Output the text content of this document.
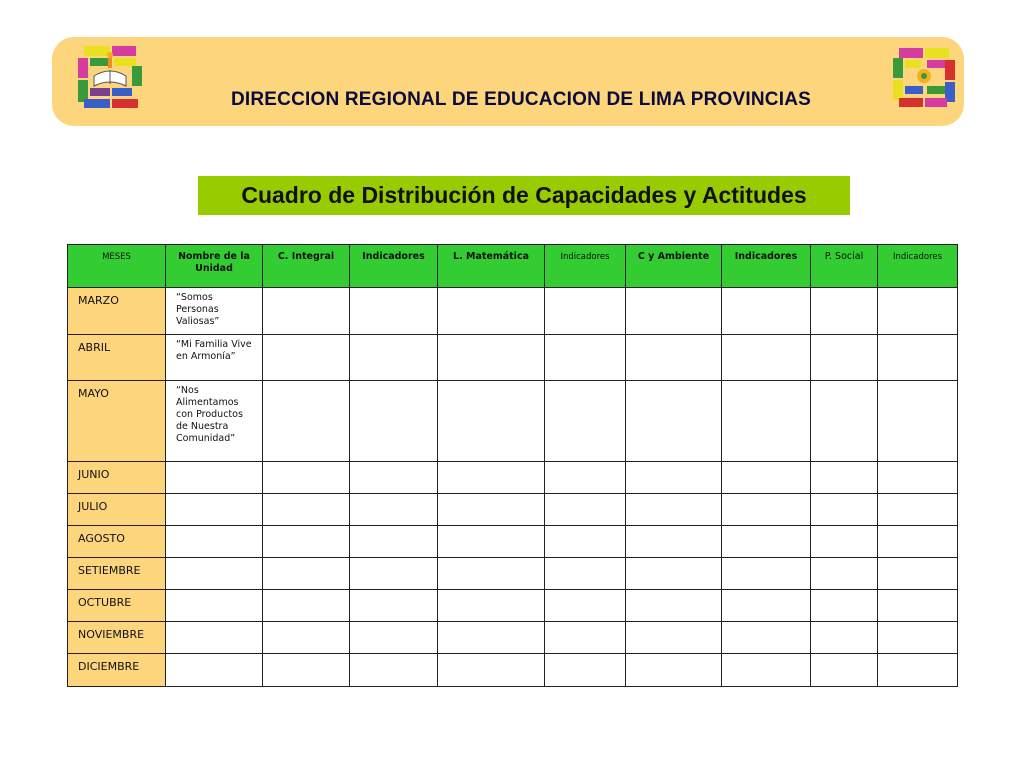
DIRECCION REGIONAL DE EDUCACION DE LIMA PROVINCIAS
Cuadro de Distribución de Capacidades y Actitudes
MESES	Nombre de la Unidad	C. Integral	Indicadores	L. Matemática	Indicadores	C y Ambiente	Indicadores	P. Social	Indicadores
MARZO	“Somos Personas Valiosas”								
ABRIL	“Mi Familia Vive en Armonía”								
MAYO	“Nos Alimentamos con Productos de Nuestra Comunidad”								
JUNIO									
JULIO									
AGOSTO									
SETIEMBRE									
OCTUBRE									
NOVIEMBRE									
DICIEMBRE									
